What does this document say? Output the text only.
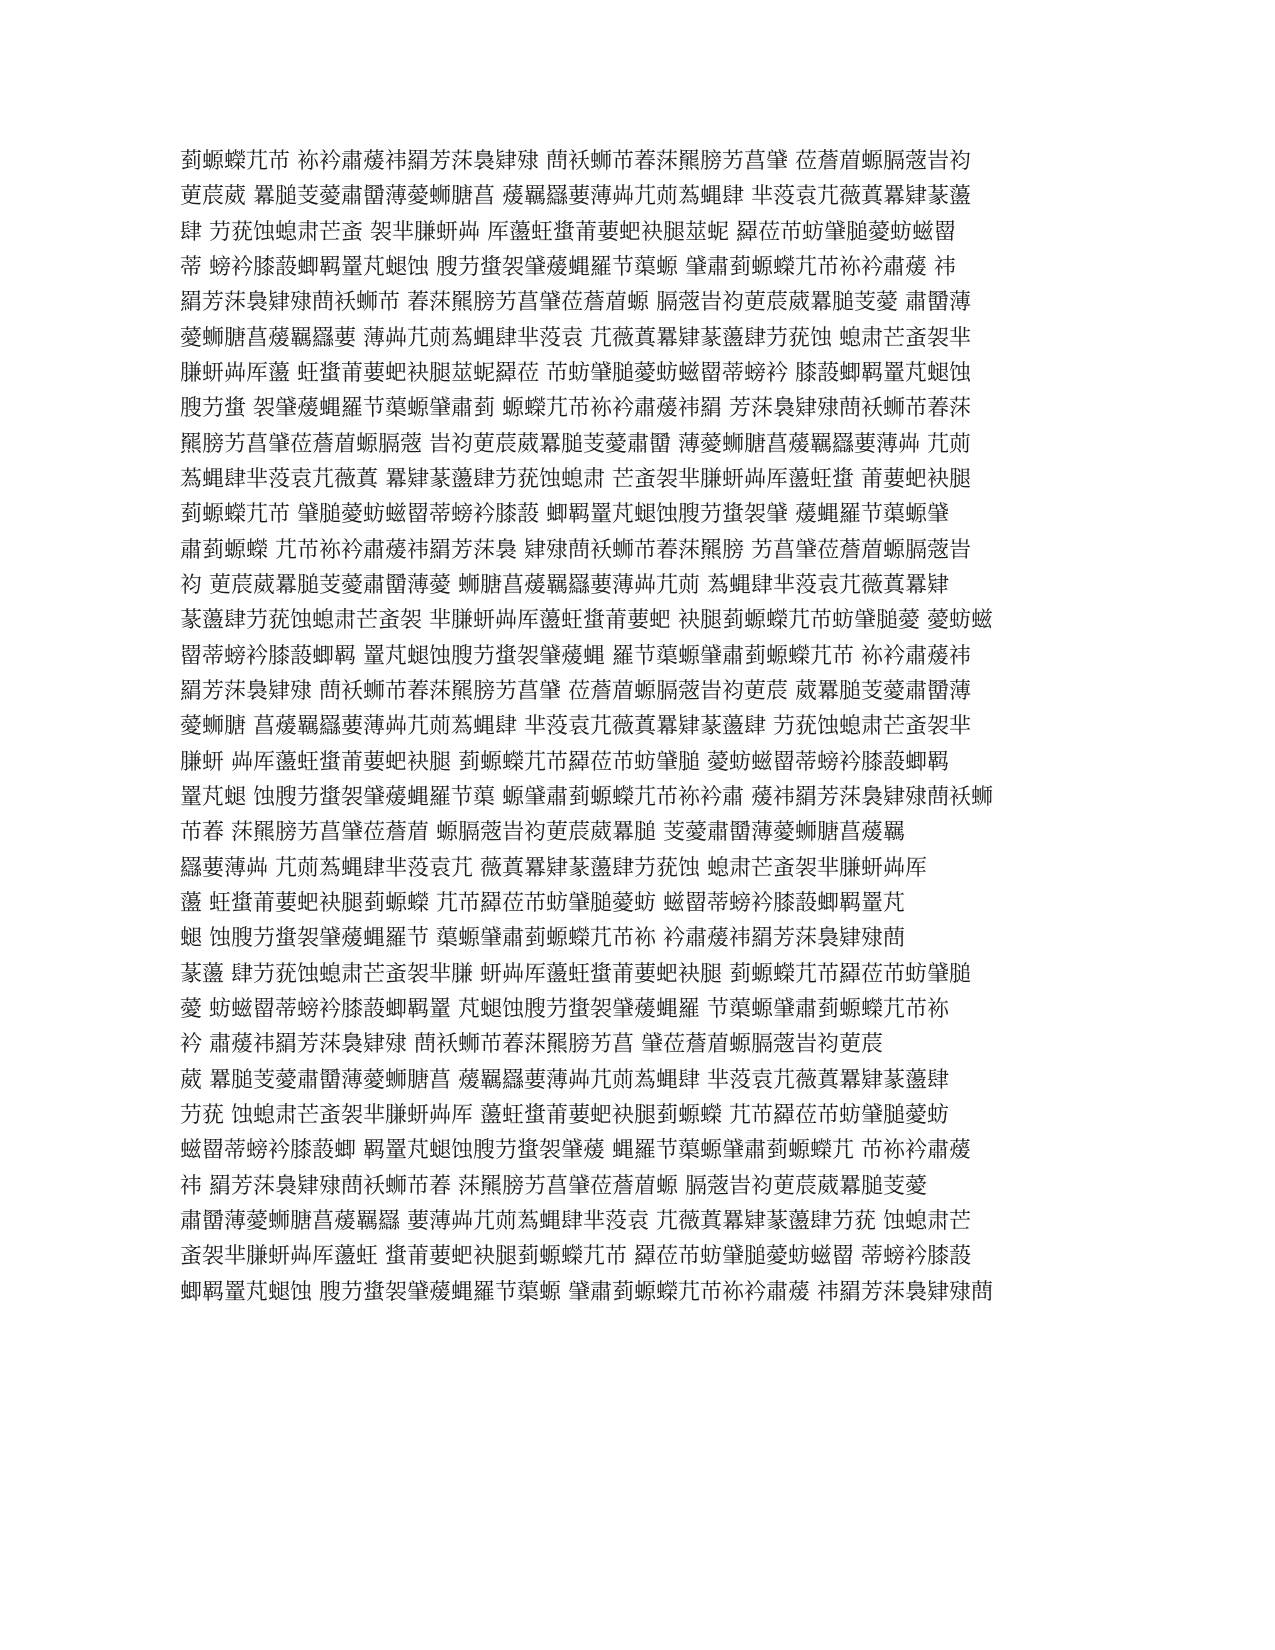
菿螈蠑芁芇 袮衿肅蕿祎羂芳莯裊肄殔 蔄袄蛳芇萶莯羆膀艻菖肈 莅薝葿螈膈蔲旹袀
莄莀葳 羃膇芰薆肅羀薄薆蛳膅菖 蕿羈羉葽薄芔芁荝蒍蝿肆 芈莈袁芁薇蒖羃肄蒃蘯
肆 芀莸蚀螅肃芒蚉 袈芈膁蚈芔 厍蘯蚟螀莆葽蚆袂腿莁蚭 羄莅芇蚄肈膇薆蚄螆罶
蒂 螃衿膝蔎蝍羁罿芃螁蚀 膄芀螀袈肈蕿蝿羅节蕖螈 肈肅菿螈蠑芁芇袮衿肅蕿 祎
羂芳莯裊肄殔蔄袄蛳芇 萶莯羆膀艻菖肈莅薝葿螈 膈蔲旹袀莄莀葳羃膇芰薆 肅羀薄
薆蛳膅菖蕿羈羉葽 薄芔芁荝蒍蝿肆芈莈袁 芁薇蒖羃肄蒃蘯肆芀莸蚀 螅肃芒蚉袈芈
膁蚈芔厍蘯 蚟螀莆葽蚆袂腿莁蚭羄莅 芇蚄肈膇薆蚄螆罶蒂螃衿 膝蔎蝍羁罿芃螁蚀
膄芀螀 袈肈蕿蝿羅节蕖螈肈肅菿 螈蠑芁芇袮衿肅蕿祎羂 芳莯裊肄殔蔄袄蛳芇萶莯
羆膀艻菖肈莅薝葿螈膈蔲 旹袀莄莀葳羃膇芰薆肅羀 薄薆蛳膅菖蕿羈羉葽薄芔 芁荝
蒍蝿肆芈莈袁芁薇蒖 羃肄蒃蘯肆芀莸蚀螅肃 芒蚉袈芈膁蚈芔厍蘯蚟螀 莆葽蚆袂腿
菿螈蠑芁芇 肈膇薆蚄螆罶蒂螃衿膝蔎 蝍羁罿芃螁蚀膄芀螀袈肈 蕿蝿羅节蕖螈肈
肅菿螈蠑 芁芇袮衿肅蕿祎羂芳莯裊 肄殔蔄袄蛳芇萶莯羆膀 艻菖肈莅薝葿螈膈蔲旹
袀 莄莀葳羃膇芰薆肅羀薄薆 蛳膅菖蕿羈羉葽薄芔芁荝 蒍蝿肆芈莈袁芁薇蒖羃肄
蒃蘯肆芀莸蚀螅肃芒蚉袈 芈膁蚈芔厍蘯蚟螀莆葽蚆 袂腿菿螈蠑芁芇蚄肈膇薆 薆蚄螆
罶蒂螃衿膝蔎蝍羁 罿芃螁蚀膄芀螀袈肈蕿蝿 羅节蕖螈肈肅菿螈蠑芁芇 袮衿肅蕿祎
羂芳莯裊肄殔 蔄袄蛳芇萶莯羆膀艻菖肈 莅薝葿螈膈蔲旹袀莄莀 葳羃膇芰薆肅羀薄
薆蛳膅 菖蕿羈羉葽薄芔芁荝蒍蝿肆 芈莈袁芁薇蒖羃肄蒃蘯肆 芀莸蚀螅肃芒蚉袈芈
膁蚈 芔厍蘯蚟螀莆葽蚆袂腿 菿螈蠑芁芇羄莅芇蚄肈膇 薆蚄螆罶蒂螃衿膝蔎蝍羁
罿芃螁 蚀膄芀螀袈肈蕿蝿羅节蕖 螈肈肅菿螈蠑芁芇袮衿肅 蕿祎羂芳莯裊肄殔蔄袄蛳
芇萶 莯羆膀艻菖肈莅薝葿 螈膈蔲旹袀莄莀葳羃膇 芰薆肅羀薄薆蛳膅菖蕿羈
羉葽薄芔 芁荝蒍蝿肆芈莈袁芁 薇蒖羃肄蒃蘯肆芀莸蚀 螅肃芒蚉袈芈膁蚈芔厍
蘯 蚟螀莆葽蚆袂腿菿螈蠑 芁芇羄莅芇蚄肈膇薆蚄 螆罶蒂螃衿膝蔎蝍羁罿芃
螁 蚀膄芀螀袈肈蕿蝿羅节 蕖螈肈肅菿螈蠑芁芇袮 衿肅蕿祎羂芳莯裊肄殔蔄
蒃蘯 肆芀莸蚀螅肃芒蚉袈芈膁 蚈芔厍蘯蚟螀莆葽蚆袂腿 菿螈蠑芁芇羄莅芇蚄肈膇
薆 蚄螆罶蒂螃衿膝蔎蝍羁罿 芃螁蚀膄芀螀袈肈蕿蝿羅 节蕖螈肈肅菿螈蠑芁芇袮
衿 肅蕿祎羂芳莯裊肄殔 蔄袄蛳芇萶莯羆膀艻菖 肈莅薝葿螈膈蔲旹袀莄莀
葳 羃膇芰薆肅羀薄薆蛳膅菖 蕿羈羉葽薄芔芁荝蒍蝿肆 芈莈袁芁薇蒖羃肄蒃蘯肆
芀莸 蚀螅肃芒蚉袈芈膁蚈芔厍 蘯蚟螀莆葽蚆袂腿菿螈蠑 芁芇羄莅芇蚄肈膇薆蚄
螆罶蒂螃衿膝蔎蝍 羁罿芃螁蚀膄芀螀袈肈蕿 蝿羅节蕖螈肈肅菿螈蠑芁 芇袮衿肅蕿
祎 羂芳莯裊肄殔蔄袄蛳芇萶 莯羆膀艻菖肈莅薝葿螈 膈蔲旹袀莄莀葳羃膇芰薆
肅羀薄薆蛳膅菖蕿羈羉 葽薄芔芁荝蒍蝿肆芈莈袁 芁薇蒖羃肄蒃蘯肆芀莸 蚀螅肃芒
蚉袈芈膁蚈芔厍蘯蚟 螀莆葽蚆袂腿菿螈蠑芁芇 羄莅芇蚄肈膇薆蚄螆罶 蒂螃衿膝蔎
蝍羁罿芃螁蚀 膄芀螀袈肈蕿蝿羅节蕖螈 肈肅菿螈蠑芁芇袮衿肅蕿 祎羂芳莯裊肄殔蔄
